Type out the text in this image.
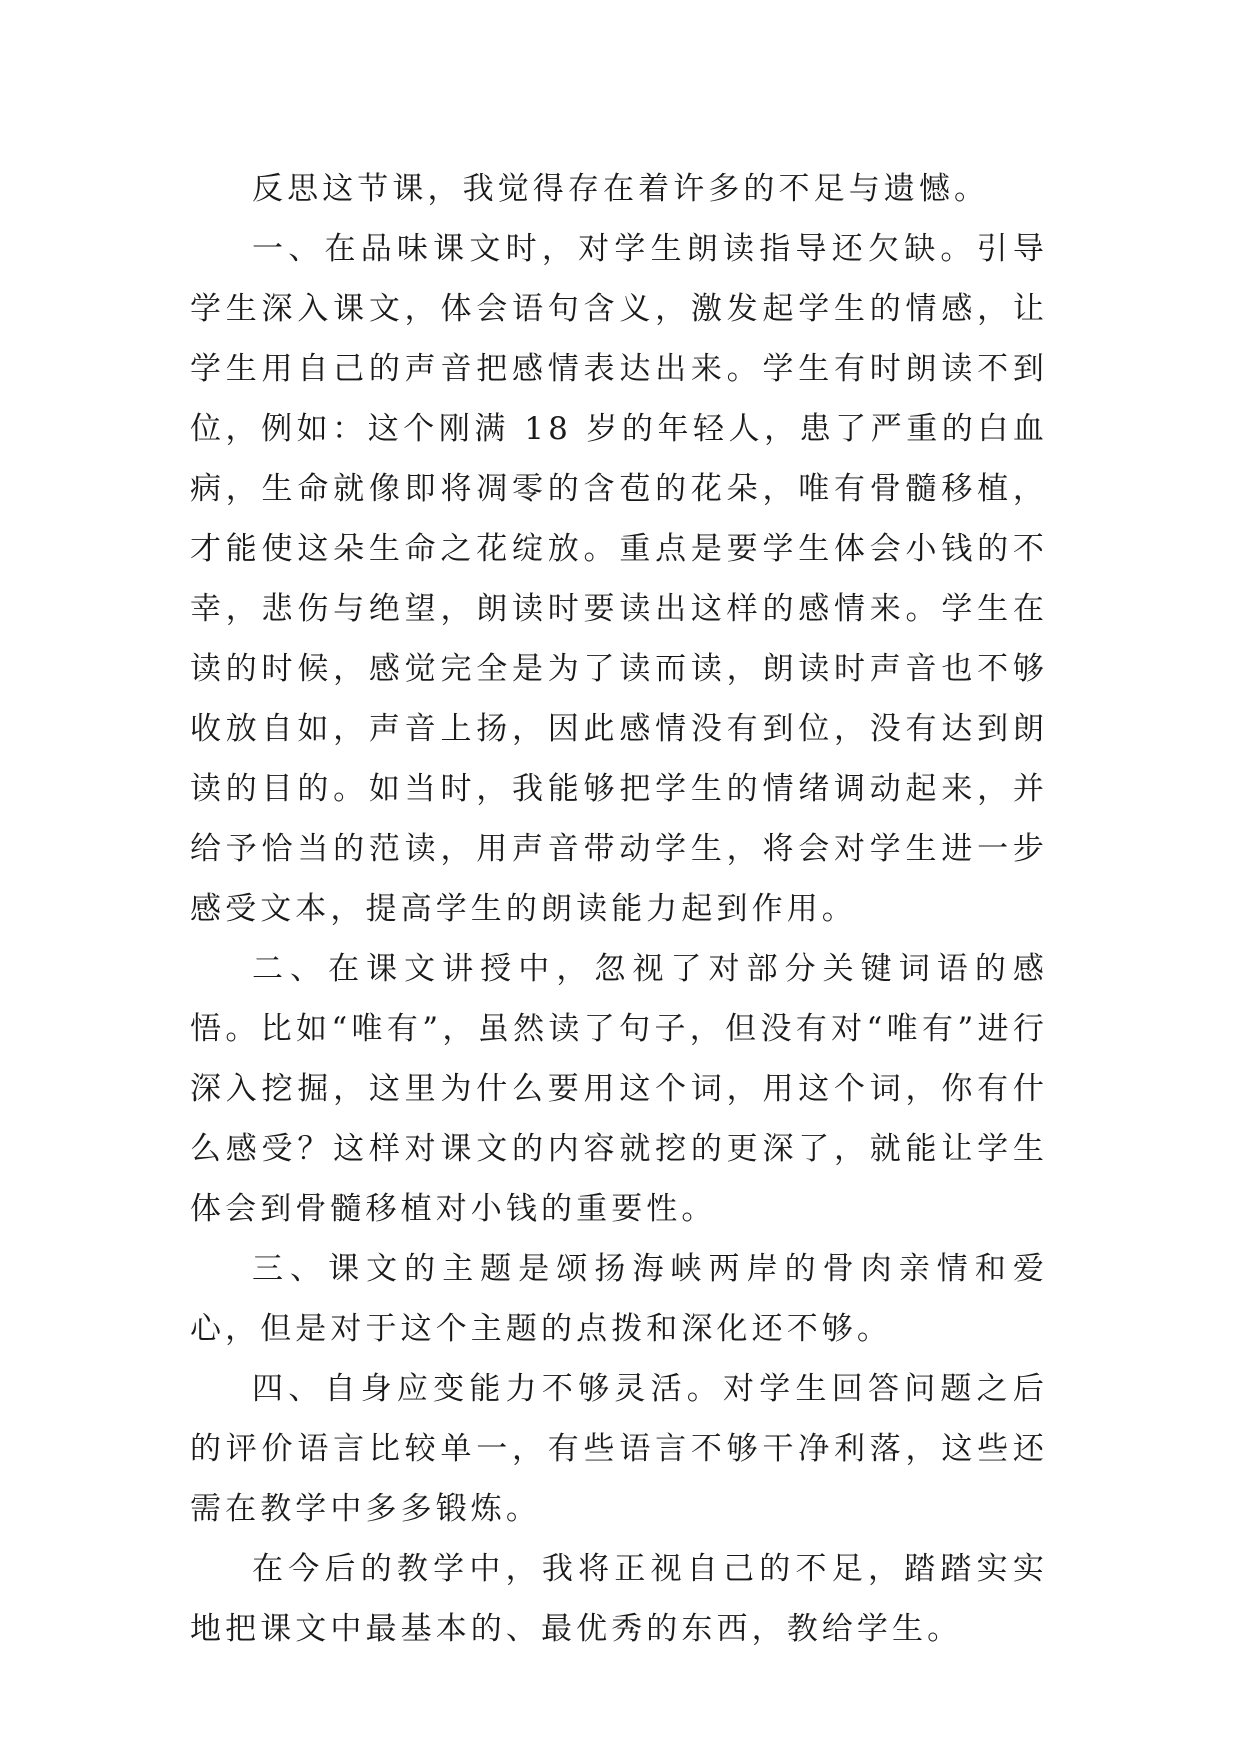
反思这节课，我觉得存在着许多的不足与遗憾。

一、在品味课文时，对学生朗读指导还欠缺。引导学生深入课文，体会语句含义，激发起学生的情感，让学生用自己的声音把感情表达出来。学生有时朗读不到位，例如：这个刚满 18 岁的年轻人，患了严重的白血病，生命就像即将凋零的含苞的花朵，唯有骨髓移植，才能使这朵生命之花绽放。重点是要学生体会小钱的不幸，悲伤与绝望，朗读时要读出这样的感情来。学生在读的时候，感觉完全是为了读而读，朗读时声音也不够收放自如，声音上扬，因此感情没有到位，没有达到朗读的目的。如当时，我能够把学生的情绪调动起来，并给予恰当的范读，用声音带动学生，将会对学生进一步感受文本，提高学生的朗读能力起到作用。

二、在课文讲授中，忽视了对部分关键词语的感悟。比如“唯有”，虽然读了句子，但没有对“唯有”进行深入挖掘，这里为什么要用这个词，用这个词，你有什么感受？这样对课文的内容就挖的更深了，就能让学生体会到骨髓移植对小钱的重要性。

三、课文的主题是颂扬海峡两岸的骨肉亲情和爱心，但是对于这个主题的点拨和深化还不够。

四、自身应变能力不够灵活。对学生回答问题之后的评价语言比较单一，有些语言不够干净利落，这些还需在教学中多多锻炼。

在今后的教学中，我将正视自己的不足，踏踏实实地把课文中最基本的、最优秀的东西，教给学生。
